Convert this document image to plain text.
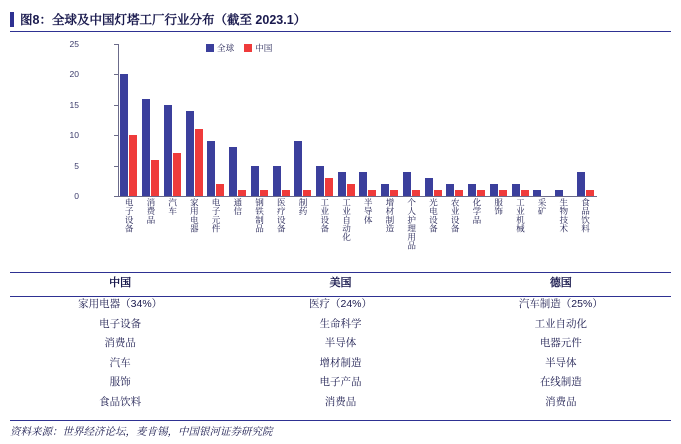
图8：全球及中国灯塔工厂行业分布（截至 2023.1）
全球 中国
0
5
10
15
20
25
电子设备 消费品 汽车 家用电器 电子元件 通信 钢铁制品 医疗设备 制药 工业设备 工业自动化 半导体 增材制造 个人护理用品 光电设备 农业设备 化学品 服饰 工业机械 采矿 生物技术 食品饮料
中国
家用电器（34%）
电子设备
消费品
汽车
服饰
食品饮料
美国
医疗（24%）
生命科学
半导体
增材制造
电子产品
消费品
德国
汽车制造（25%）
工业自动化
电器元件
半导体
在线制造
消费品
资料来源：世界经济论坛，麦肯锡，中国银河证券研究院
